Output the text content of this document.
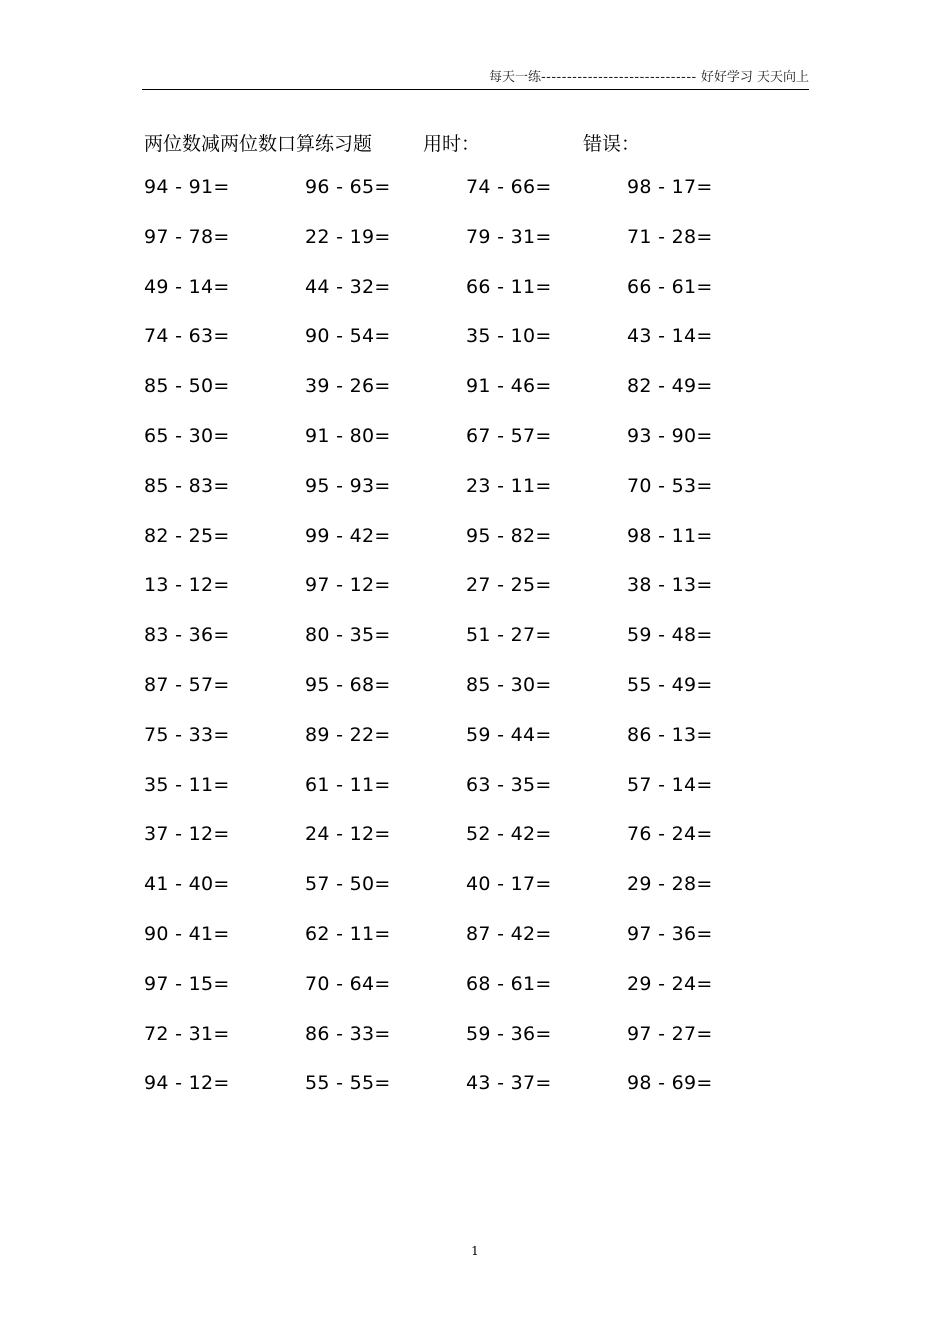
每天一练------------------------------ 好好学习 天天向上
两位数减两位数口算练习题	用时：	错误：
94 - 91=	96 - 65=	74 - 66=	98 - 17=
97 - 78=	22 - 19=	79 - 31=	71 - 28=
49 - 14=	44 - 32=	66 - 11=	66 - 61=
74 - 63=	90 - 54=	35 - 10=	43 - 14=
85 - 50=	39 - 26=	91 - 46=	82 - 49=
65 - 30=	91 - 80=	67 - 57=	93 - 90=
85 - 83=	95 - 93=	23 - 11=	70 - 53=
82 - 25=	99 - 42=	95 - 82=	98 - 11=
13 - 12=	97 - 12=	27 - 25=	38 - 13=
83 - 36=	80 - 35=	51 - 27=	59 - 48=
87 - 57=	95 - 68=	85 - 30=	55 - 49=
75 - 33=	89 - 22=	59 - 44=	86 - 13=
35 - 11=	61 - 11=	63 - 35=	57 - 14=
37 - 12=	24 - 12=	52 - 42=	76 - 24=
41 - 40=	57 - 50=	40 - 17=	29 - 28=
90 - 41=	62 - 11=	87 - 42=	97 - 36=
97 - 15=	70 - 64=	68 - 61=	29 - 24=
72 - 31=	86 - 33=	59 - 36=	97 - 27=
94 - 12=	55 - 55=	43 - 37=	98 - 69=
1
